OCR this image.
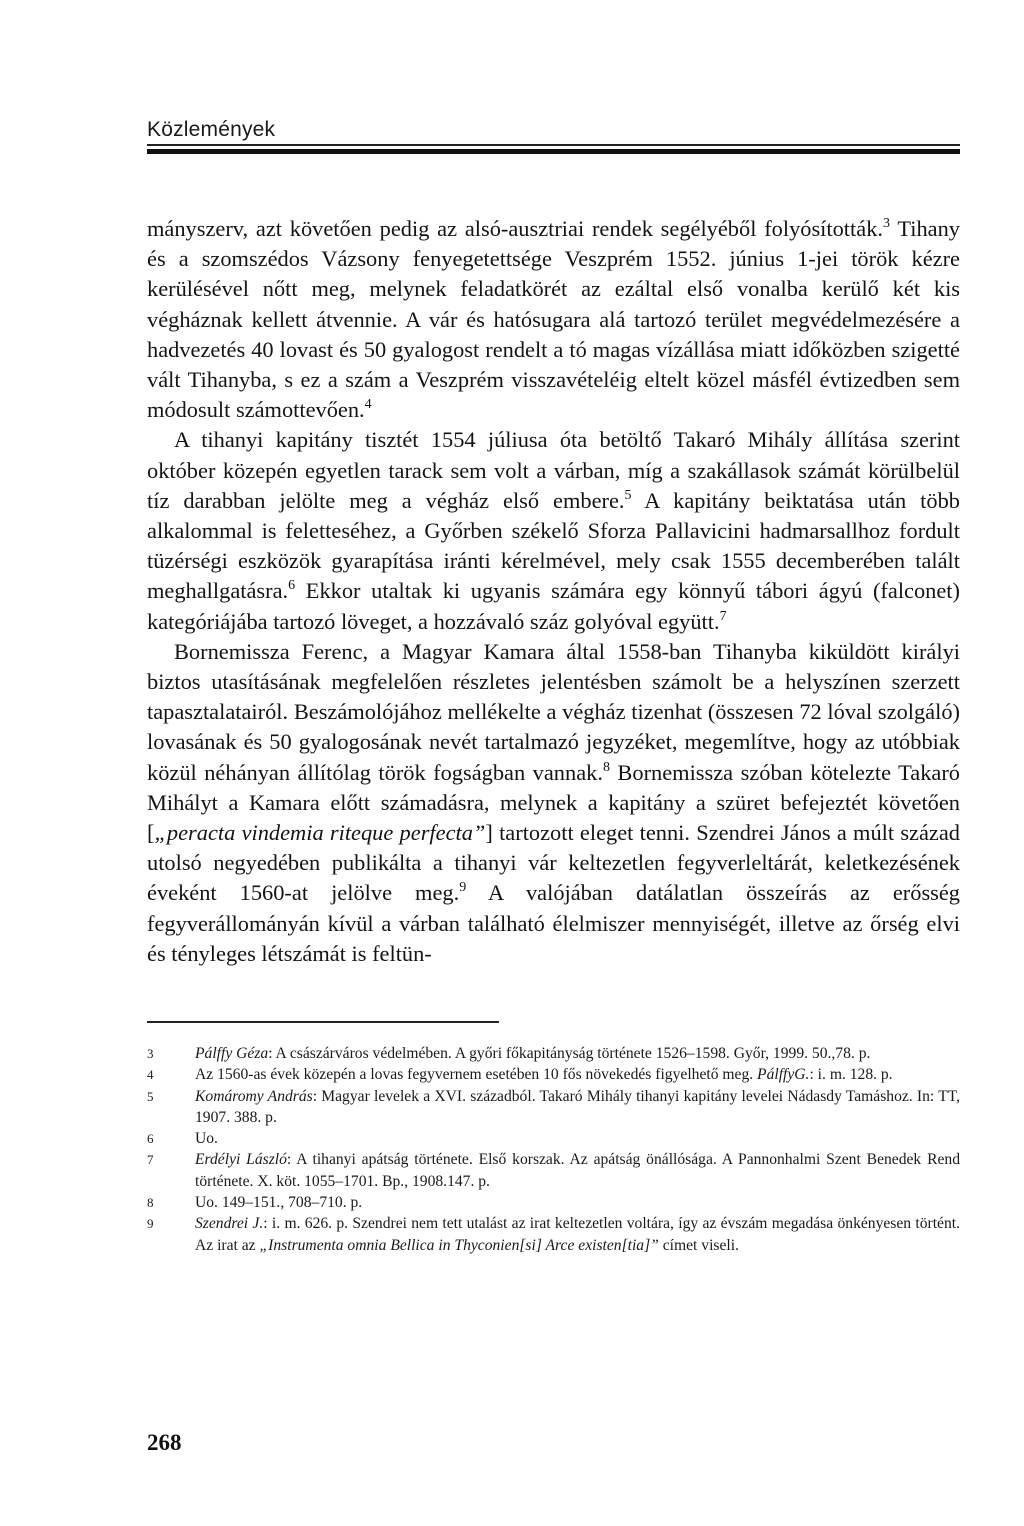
Közlemények

mányszerv, azt követően pedig az alsó-ausztriai rendek segélyéből folyósították.$^3$ Tihany és a szomszédos Vázsony fenyegetettsége Veszprém 1552. június 1-jei török kézre kerülésével nőtt meg, melynek feladatkörét az ezáltal első vonalba kerülő két kis végháznak kellett átvennie. A vár és hatósugara alá tartozó terület megvédelmezésére a hadvezetés 40 lovast és 50 gyalogost rendelt a tó magas vízállása miatt időközben szigetté vált Tihanyba, s ez a szám a Veszprém visszavételéig eltelt közel másfél évtizedben sem módosult számottevően.$^4$

A tihanyi kapitány tisztét 1554 júliusa óta betöltő Takaró Mihály állítása szerint október közepén egyetlen tarack sem volt a várban, míg a szakállasok számát körülbelül tíz darabban jelölte meg a végház első embere.$^5$ A kapitány beiktatása után több alkalommal is feletteséhez, a Győrben székelő Sforza Pallavicini hadmarsallhoz fordult tüzérségi eszközök gyarapítása iránti kérelmével, mely csak 1555 decemberében talált meghallgatásra.$^6$ Ekkor utaltak ki ugyanis számára egy könnyű tábori ágyú (falconet) kategóriájába tartozó löveget, a hozzávaló száz golyóval együtt.$^7$

Bornemissza Ferenc, a Magyar Kamara által 1558-ban Tihanyba kiküldött királyi biztos utasításának megfelelően részletes jelentésben számolt be a helyszínen szerzett tapasztalatairól. Beszámolójához mellékelte a végház tizenhat (összesen 72 lóval szolgáló) lovasának és 50 gyalogosának nevét tartalmazó jegyzéket, megemlítve, hogy az utóbbiak közül néhányan állítólag török fogságban vannak.$^8$ Bornemissza szóban kötelezte Takaró Mihályt a Kamara előtt számadásra, melynek a kapitány a szüret befejeztét követően [„peracta vindemia riteque perfecta”] tartozott eleget tenni. Szendrei János a múlt század utolsó negyedében publikálta a tihanyi vár keltezetlen fegyverleltárát, keletkezésének éveként 1560-at jelölve meg.$^9$ A valójában datálatlan összeírás az erősség fegyverállományán kívül a várban található élelmiszer mennyiségét, illetve az őrség elvi és tényleges létszámát is feltün-

3	Pálffy Géza: A császárváros védelmében. A győri főkapitányság története 1526–1598. Győr, 1999. 50.,78. p.
4	Az 1560-as évek közepén a lovas fegyvernem esetében 10 fős növekedés figyelhető meg. PálffyG.: i. m. 128. p.
5	Komáromy András: Magyar levelek a XVI. századból. Takaró Mihály tihanyi kapitány levelei Nádasdy Tamáshoz. In: TT, 1907. 388. p.
6	Uo.
7	Erdélyi László: A tihanyi apátság története. Első korszak. Az apátság önállósága. A Pannonhalmi Szent Benedek Rend története. X. köt. 1055–1701. Bp., 1908.147. p.
8	Uo. 149–151., 708–710. p.
9	Szendrei J.: i. m. 626. p. Szendrei nem tett utalást az irat keltezetlen voltára, így az évszám megadása önkényesen történt. Az irat az „Instrumenta omnia Bellica in Thyconien[si] Arce existen[tia]” címet viseli.
268
